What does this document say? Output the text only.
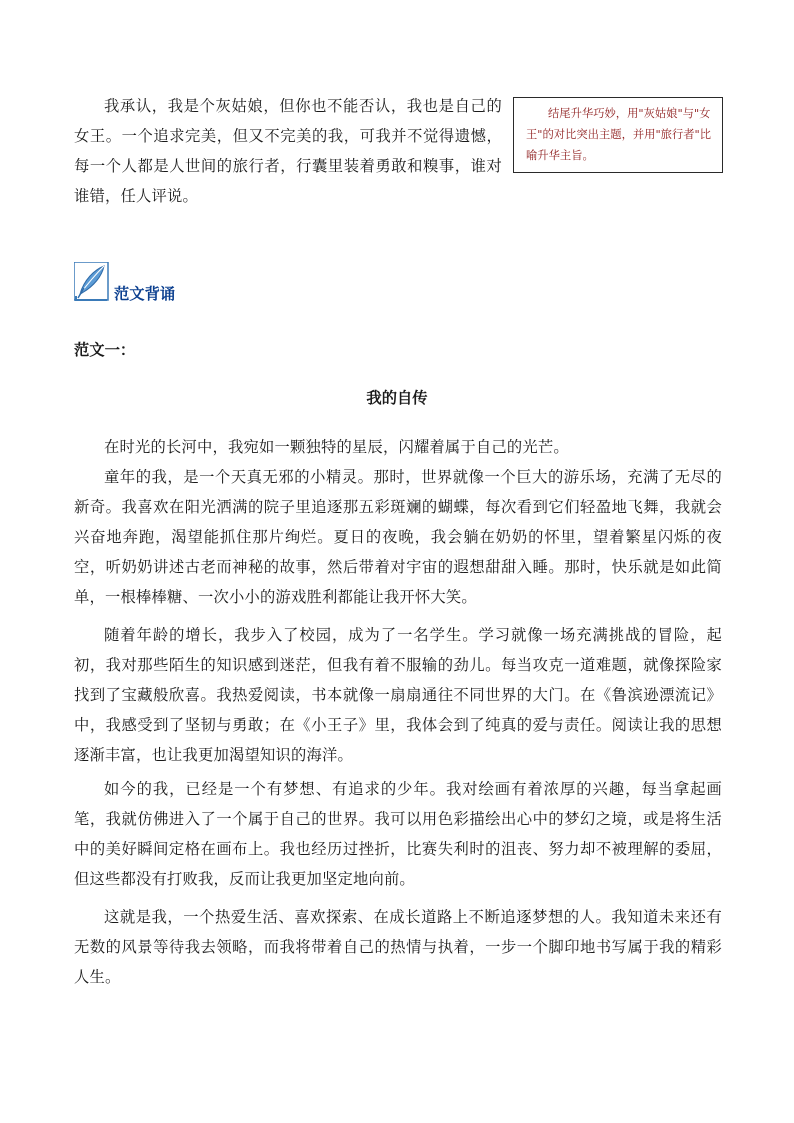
我承认，我是个灰姑娘，但你也不能否认，我也是自己的女王。一个追求完美，但又不完美的我，可我并不觉得遗憾，每一个人都是人世间的旅行者，行囊里装着勇敢和糗事，谁对谁错，任人评说。

结尾升华巧妙，用"灰姑娘"与"女王"的对比突出主题，并用"旅行者"比喻升华主旨。
范文背诵

范文一：

我的自传

在时光的长河中，我宛如一颗独特的星辰，闪耀着属于自己的光芒。

童年的我，是一个天真无邪的小精灵。那时，世界就像一个巨大的游乐场，充满了无尽的新奇。我喜欢在阳光洒满的院子里追逐那五彩斑斓的蝴蝶，每次看到它们轻盈地飞舞，我就会兴奋地奔跑，渴望能抓住那片绚烂。夏日的夜晚，我会躺在奶奶的怀里，望着繁星闪烁的夜空，听奶奶讲述古老而神秘的故事，然后带着对宇宙的遐想甜甜入睡。那时，快乐就是如此简单，一根棒棒糖、一次小小的游戏胜利都能让我开怀大笑。

随着年龄的增长，我步入了校园，成为了一名学生。学习就像一场充满挑战的冒险，起初，我对那些陌生的知识感到迷茫，但我有着不服输的劲儿。每当攻克一道难题，就像探险家找到了宝藏般欣喜。我热爱阅读，书本就像一扇扇通往不同世界的大门。在《鲁滨逊漂流记》中，我感受到了坚韧与勇敢；在《小王子》里，我体会到了纯真的爱与责任。阅读让我的思想逐渐丰富，也让我更加渴望知识的海洋。

如今的我，已经是一个有梦想、有追求的少年。我对绘画有着浓厚的兴趣，每当拿起画笔，我就仿佛进入了一个属于自己的世界。我可以用色彩描绘出心中的梦幻之境，或是将生活中的美好瞬间定格在画布上。我也经历过挫折，比赛失利时的沮丧、努力却不被理解的委屈，但这些都没有打败我，反而让我更加坚定地向前。

这就是我，一个热爱生活、喜欢探索、在成长道路上不断追逐梦想的人。我知道未来还有无数的风景等待我去领略，而我将带着自己的热情与执着，一步一个脚印地书写属于我的精彩人生。
